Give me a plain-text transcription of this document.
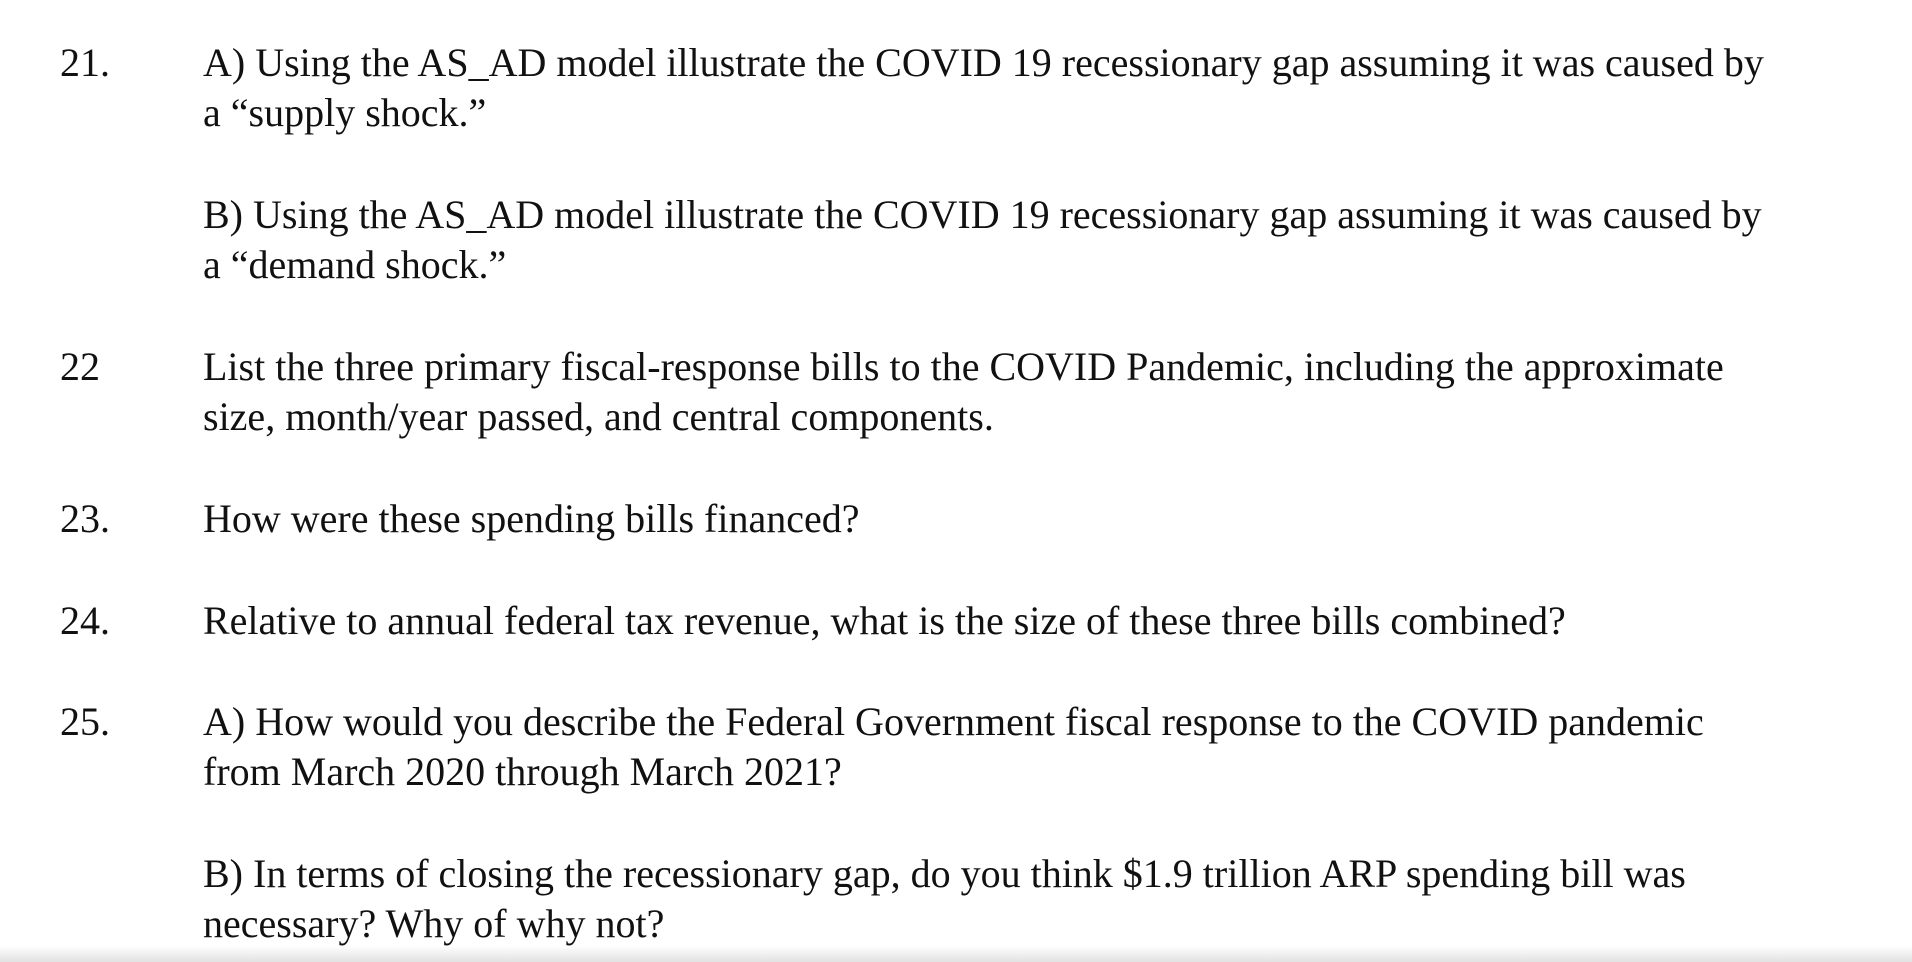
21. A) Using the AS_AD model illustrate the COVID 19 recessionary gap assuming it was caused by
a “supply shock.”
B) Using the AS_AD model illustrate the COVID 19 recessionary gap assuming it was caused by
a “demand shock.”
22	List the three primary fiscal-response bills to the COVID Pandemic, including the approximate
size, month/year passed, and central components.
23. How were these spending bills financed?
24. Relative to annual federal tax revenue, what is the size of these three bills combined?
25. A) How would you describe the Federal Government fiscal response to the COVID pandemic
from March 2020 through March 2021?
B) In terms of closing the recessionary gap, do you think $1.9 trillion ARP spending bill was
necessary? Why of why not?
